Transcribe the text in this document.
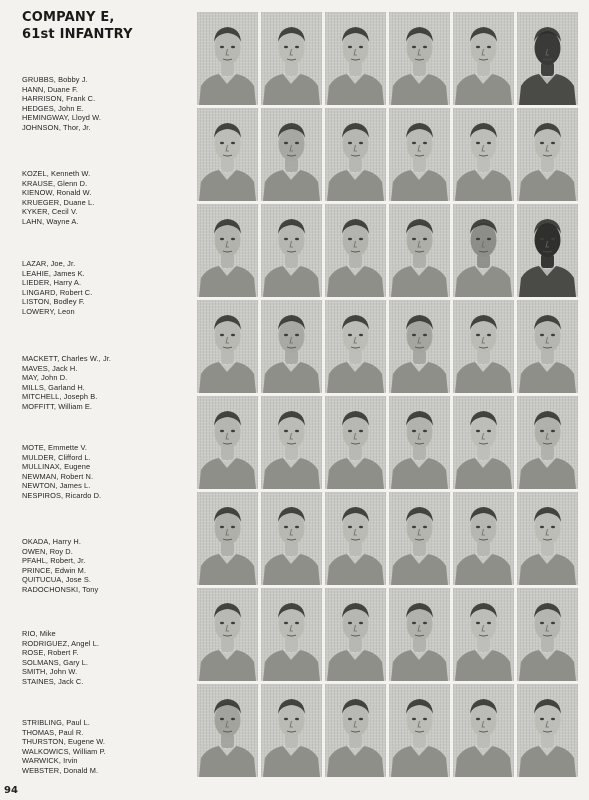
COMPANY E,
61st INFANTRY
GRUBBS, Bobby J.
HANN, Duane F.
HARRISON, Frank C.
HEDGES, John E.
HEMINGWAY, Lloyd W.
JOHNSON, Thor, Jr.
KOZEL, Kenneth W.
KRAUSE, Glenn D.
KIENOW, Ronald W.
KRUEGER, Duane L.
KYKER, Cecil V.
LAHN, Wayne A.
LAZAR, Joe, Jr.
LEAHIE, James K.
LIEDER, Harry A.
LINGARD, Robert C.
LISTON, Bodley F.
LOWERY, Leon
MACKETT, Charles W., Jr.
MAVES, Jack H.
MAY, John D.
MILLS, Garland H.
MITCHELL, Joseph B.
MOFFITT, William E.
MOTE, Emmette V.
MULDER, Clifford L.
MULLINAX, Eugene
NEWMAN, Robert N.
NEWTON, James L.
NESPIROS, Ricardo D.
OKADA, Harry H.
OWEN, Roy D.
PFAHL, Robert, Jr.
PRINCE, Edwin M.
QUITUCUA, Jose S.
RADOCHONSKI, Tony
RIO, Mike
RODRIGUEZ, Angel L.
ROSE, Robert F.
SOLMANS, Gary L.
SMITH, John W.
STAINES, Jack C.
STRIBLING, Paul L.
THOMAS, Paul R.
THURSTON, Eugene W.
WALKOWICS, William P.
WARWICK, Irvin
WEBSTER, Donald M.
94
